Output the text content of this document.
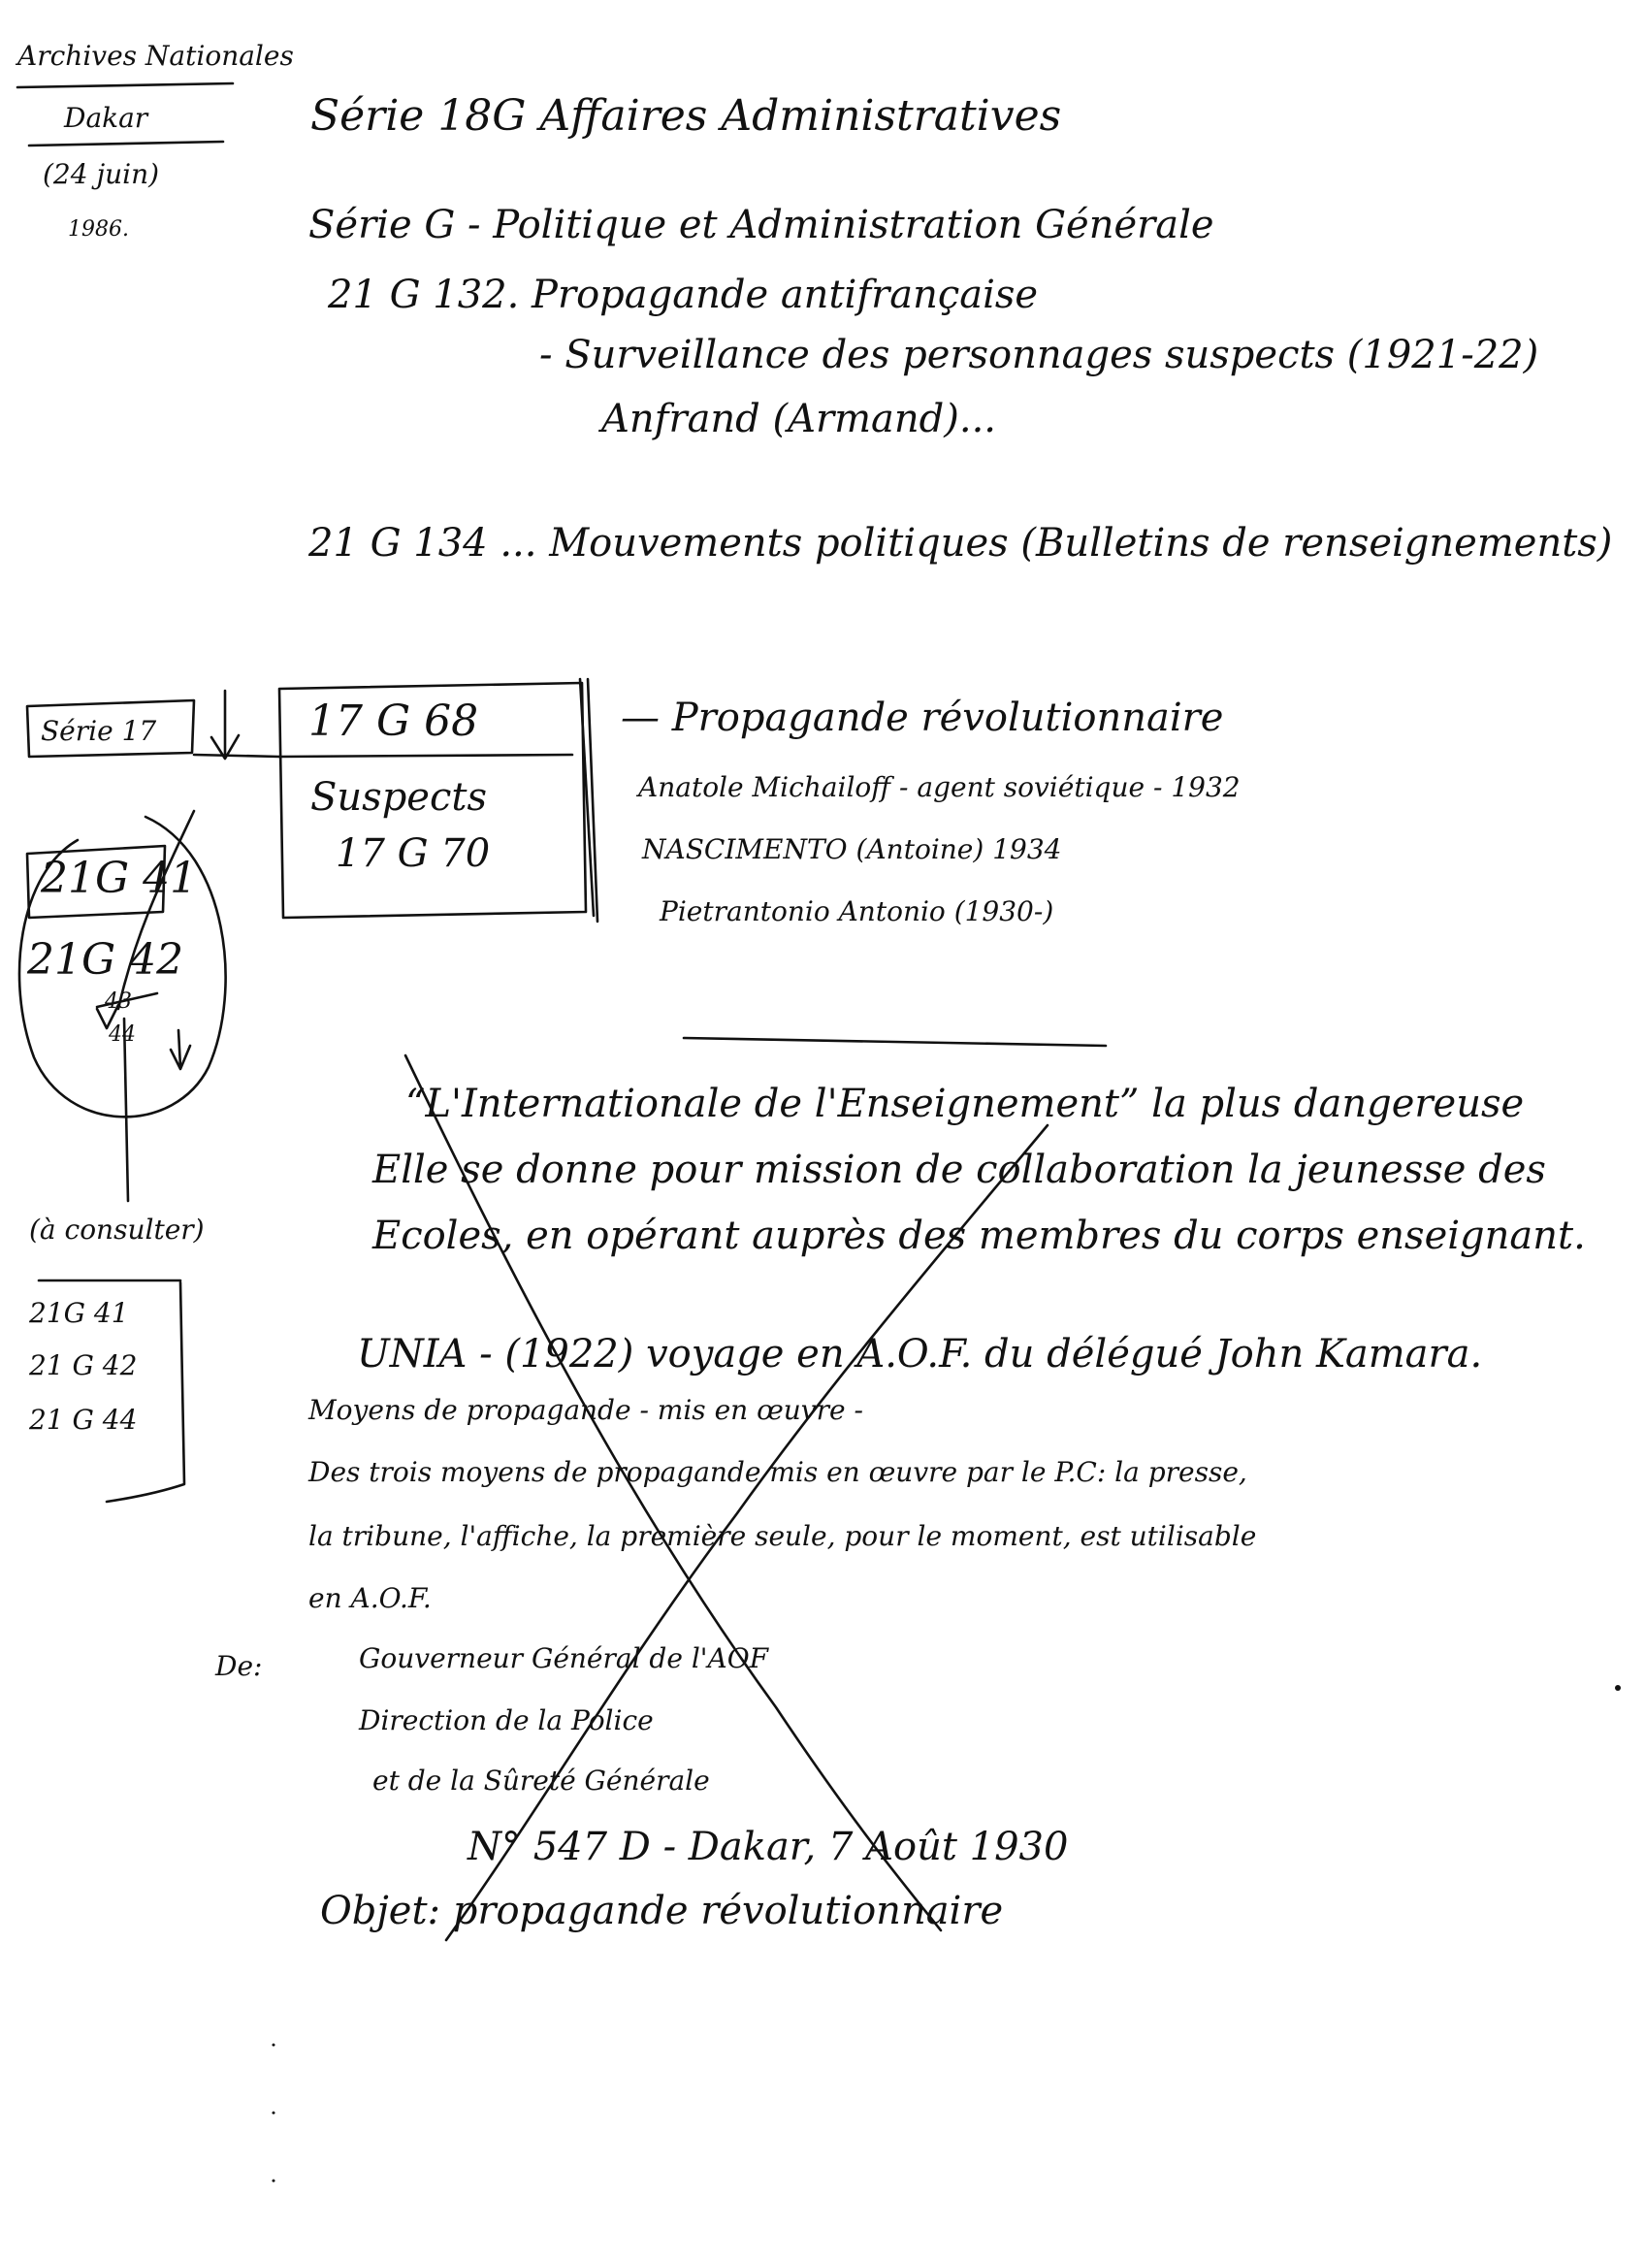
Archives Nationales
Dakar
(24 juin)
1986.
Série 18G Affaires Administratives
Série G - Politique et Administration Générale
21 G 132. Propagande antifrançaise
- Surveillance des personnages suspects (1921-22)
Anfrand (Armand)...
21 G 134 ... Mouvements politiques (Bulletins de renseignements)
Série 17	17 G 68
Suspects
17 G 70
— Propagande révolutionnaire
Anatole Michailoff - agent soviétique - 1932
NASCIMENTO (Antoine) 1934
Pietrantonio Antonio (1930-)
21G 41
21G 42
43
44
(à consulter)
21G 41
21 G 42
21 G 44
“L'Internationale de l'Enseignement” la plus dangereuse
Elle se donne pour mission de collaboration la jeunesse des
Ecoles, en opérant auprès des membres du corps enseignant.
UNIA - (1922) voyage en A.O.F. du délégué John Kamara.
Moyens de propagande - mis en œuvre -
Des trois moyens de propagande mis en œuvre par le P.C: la presse,
la tribune, l'affiche, la première seule, pour le moment, est utilisable
en A.O.F.
De:	Gouverneur Général de l'AOF
Direction de la Police
et de la Sûreté Générale
N° 547 D - Dakar, 7 Août 1930
Objet: propagande révolutionnaire
